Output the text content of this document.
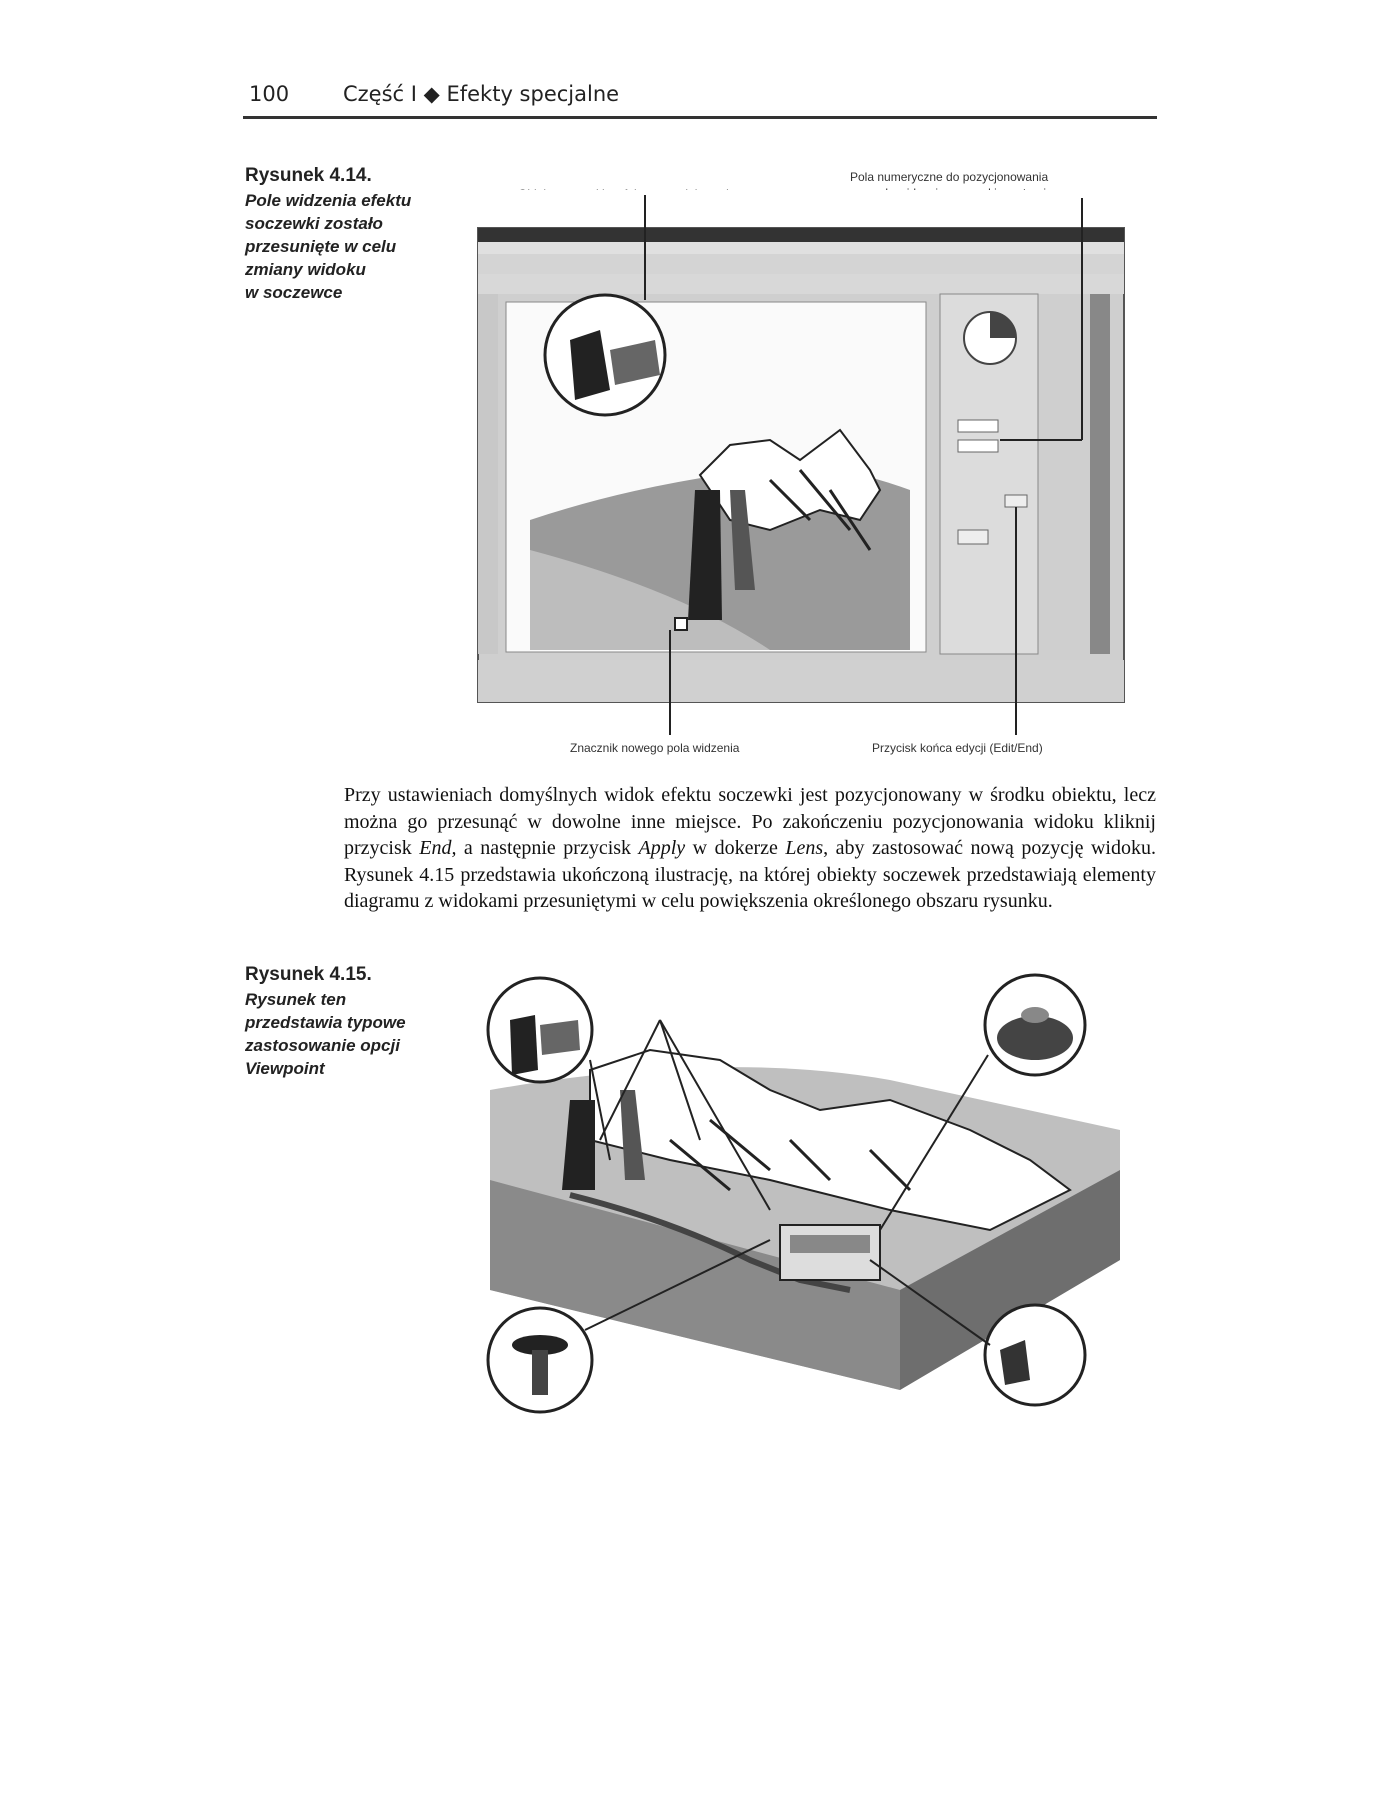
100	Część I ◆ Efekty specjalne
Rysunek 4.14.
Pole widzenia efektu
soczewki zostało
przesunięte w celu
zmiany widoku
w soczewce
Obiekt soczewki z efektem powiększenia
Pola numeryczne do pozycjonowania
pola widzenia soczewki na stronie
Znacznik nowego pola widzenia	Przycisk końca edycji (Edit/End)

Przy ustawieniach domyślnych widok efektu soczewki jest pozycjonowany w środku obiektu, lecz można go przesunąć w dowolne inne miejsce. Po zakończeniu pozycjonowania widoku kliknij przycisk End, a następnie przycisk Apply w dokerze Lens, aby zastosować nową pozycję widoku. Rysunek 4.15 przedstawia ukończoną ilustrację, na której obiekty soczewek przedstawiają elementy diagramu z widokami przesuniętymi w celu powiększenia określonego obszaru rysunku.

Rysunek 4.15.
Rysunek ten
przedstawia typowe
zastosowanie opcji
Viewpoint
Nowe umieszczenie widoku
dla każdego obiektu soczewki
